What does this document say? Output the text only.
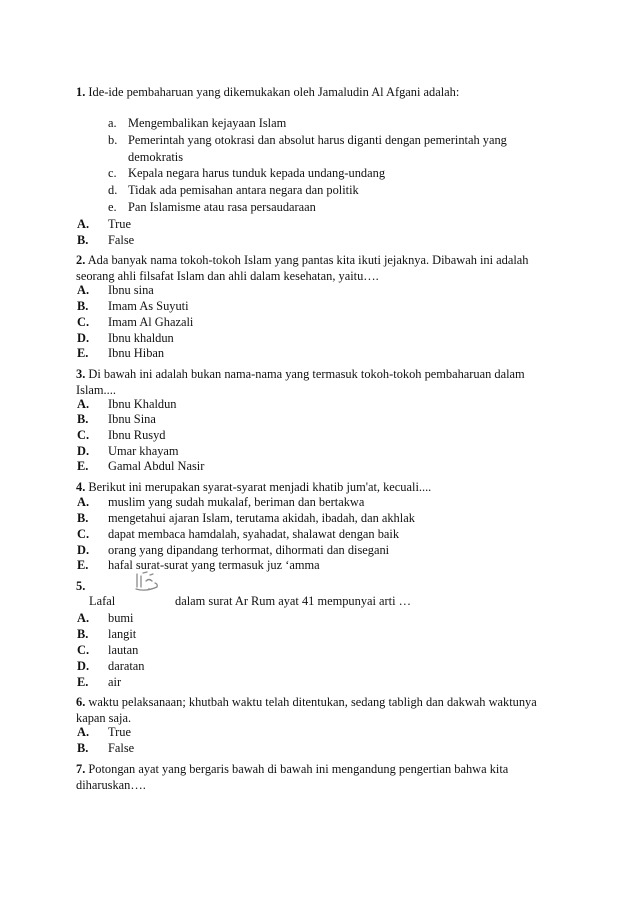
1. Ide-ide pembaharuan yang dikemukakan oleh Jamaludin Al Afgani adalah:
a. Mengembalikan kejayaan Islam
b. Pemerintah yang otokrasi dan absolut harus diganti dengan pemerintah yang demokratis
c. Kepala negara harus tunduk kepada undang-undang
d. Tidak ada pemisahan antara negara dan politik
e. Pan Islamisme atau rasa persaudaraan
A.	True
B.	False
2. Ada banyak nama tokoh-tokoh Islam yang pantas kita ikuti jejaknya. Dibawah ini adalah seorang ahli filsafat Islam dan ahli dalam kesehatan, yaitu….
A.	Ibnu sina
B.	Imam As Suyuti
C.	Imam Al Ghazali
D.	Ibnu khaldun
E.	Ibnu Hiban
3. Di bawah ini adalah bukan nama-nama yang termasuk tokoh-tokoh pembaharuan dalam Islam....
A.	Ibnu Khaldun
B.	Ibnu Sina
C.	Ibnu Rusyd
D.	Umar khayam
E.	Gamal Abdul Nasir
4. Berikut ini merupakan syarat-syarat menjadi khatib jum'at, kecuali....
A.	muslim yang sudah mukalaf, beriman dan bertakwa
B.	mengetahui ajaran Islam, terutama akidah, ibadah, dan akhlak
C.	dapat membaca hamdalah, syahadat, shalawat dengan baik
D.	orang yang dipandang terhormat, dihormati dan disegani
E.	hafal surat-surat yang termasuk juz ‘amma
5.
Lafal	dalam surat Ar Rum ayat 41 mempunyai arti …
A.	bumi
B.	langit
C.	lautan
D.	daratan
E.	air
6. waktu pelaksanaan; khutbah waktu telah ditentukan, sedang tabligh dan dakwah waktunya kapan saja.
A.	True
B.	False
7. Potongan ayat yang bergaris bawah di bawah ini mengandung pengertian bahwa kita diharuskan….
